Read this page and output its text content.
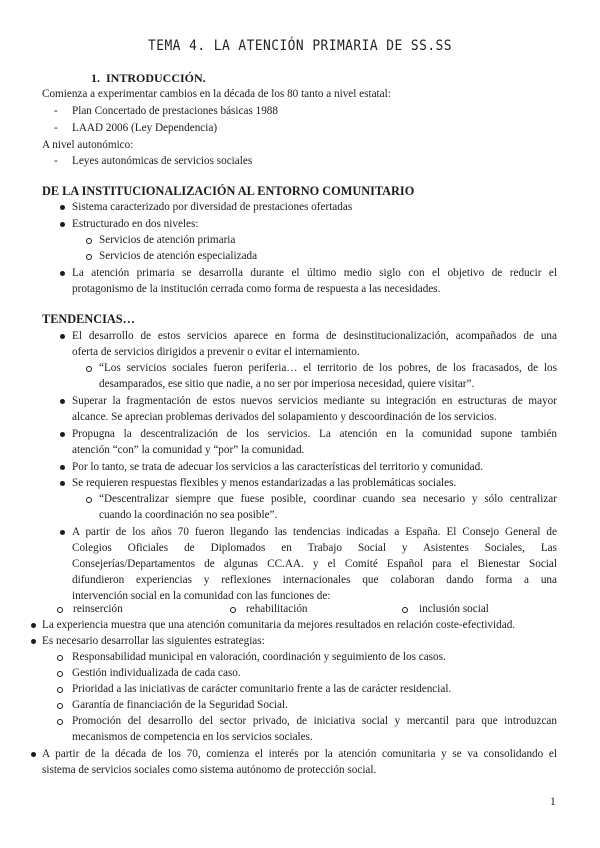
TEMA 4. LA ATENCIÓN PRIMARIA DE SS.SS
1.  INTRODUCCIÓN.
Comienza a experimentar cambios en la década de los 80 tanto a nivel estatal:
- Plan Concertado de prestaciones básicas 1988
- LAAD 2006 (Ley Dependencia)
A nivel autonómico:
- Leyes autonómicas de servicios sociales
DE LA INSTITUCIONALIZACIÓN AL ENTORNO COMUNITARIO
Sistema caracterizado por diversidad de prestaciones ofertadas
Estructurado en dos niveles:
Servicios de atención primaria
Servicios de atención especializada
La atención primaria se desarrolla durante el último medio siglo con el objetivo de reducir el
protagonismo de la institución cerrada como forma de respuesta a las necesidades.
TENDENCIAS…
El desarrollo de estos servicios aparece en forma de desinstitucionalización, acompañados de una
oferta de servicios dirigidos a prevenir o evitar el internamiento.
“Los servicios sociales fueron periferia… el territorio de los pobres, de los fracasados, de los
desamparados, ese sitio que nadie, a no ser por imperiosa necesidad, quiere visitar”.
Superar la fragmentación de estos nuevos servicios mediante su integración en estructuras de mayor
alcance. Se aprecian problemas derivados del solapamiento y descoordinación de los servicios.
Propugna la descentralización de los servicios. La atención en la comunidad supone también
atención “con” la comunidad y “por” la comunidad.
Por lo tanto, se trata de adecuar los servicios a las características del territorio y comunidad.
Se requieren respuestas flexibles y menos estandarizadas a las problemáticas sociales.
“Descentralizar siempre que fuese posible, coordinar cuando sea necesario y sólo centralizar
cuando la coordinación no sea posible”.
A partir de los años 70 fueron llegando las tendencias indicadas a España. El Consejo General de
Colegios Oficiales de Diplomados en Trabajo Social y Asistentes Sociales, Las
Consejerías/Departamentos de algunas CC.AA. y el Comité Español para el Bienestar Social
difundieron experiencias y reflexiones internacionales que colaboran dando forma a una
intervención social en la comunidad con las funciones de:
reinserción	rehabilitación	inclusión social
La experiencia muestra que una atención comunitaria da mejores resultados en relación coste-efectividad.
Es necesario desarrollar las siguientes estrategias:
Responsabilidad municipal en valoración, coordinación y seguimiento de los casos.
Gestión individualizada de cada caso.
Prioridad a las iniciativas de carácter comunitario frente a las de carácter residencial.
Garantía de financiación de la Seguridad Social.
Promoción del desarrollo del sector privado, de iniciativa social y mercantil para que introduzcan
mecanismos de competencia en los servicios sociales.
A partir de la década de los 70, comienza el interés por la atención comunitaria y se va consolidando el
sistema de servicios sociales como sistema autónomo de protección social.
1
